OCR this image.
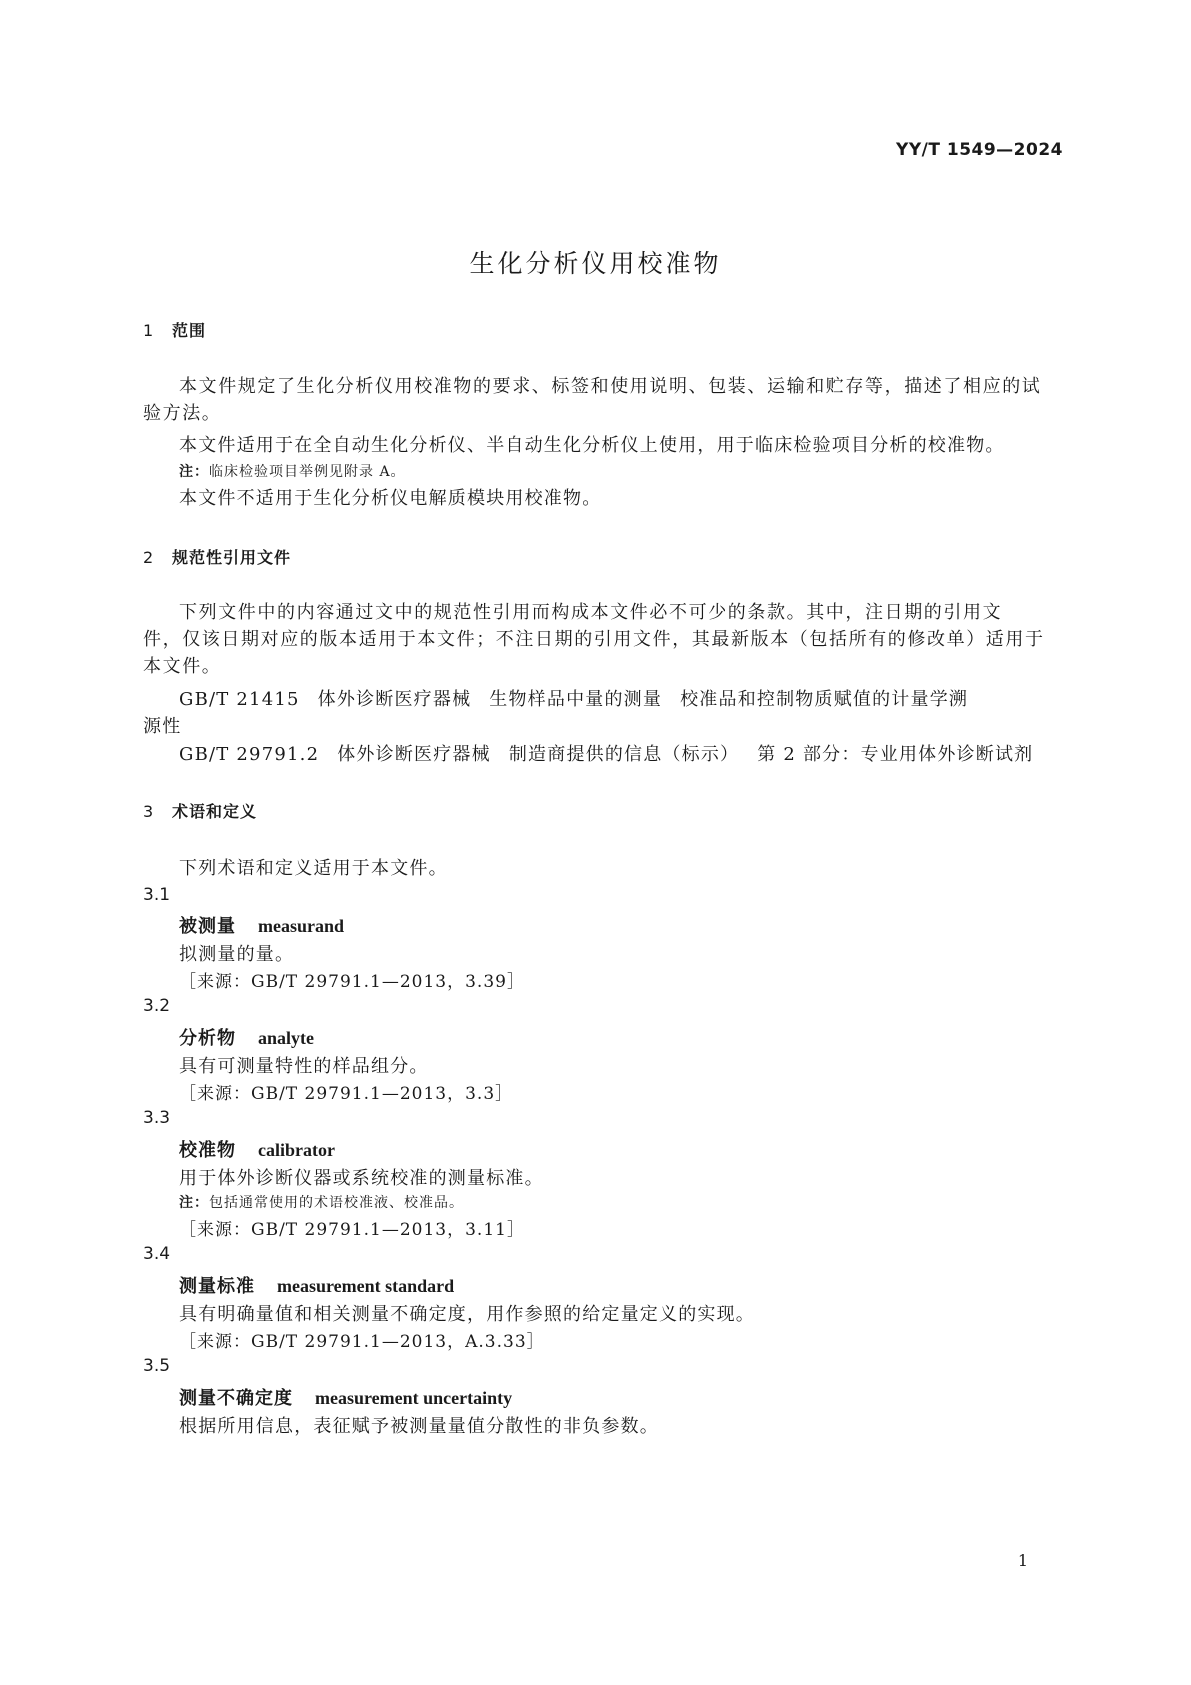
YY/T 1549—2024
生化分析仪用校准物
1 范围

本文件规定了生化分析仪用校准物的要求、标签和使用说明、包装、运输和贮存等，描述了相应的试
验方法。

本文件适用于在全自动生化分析仪、半自动生化分析仪上使用，用于临床检验项目分析的校准物。
注：临床检验项目举例见附录 A。
本文件不适用于生化分析仪电解质模块用校准物。
2 规范性引用文件

下列文件中的内容通过文中的规范性引用而构成本文件必不可少的条款。其中，注日期的引用文
件，仅该日期对应的版本适用于本文件；不注日期的引用文件，其最新版本（包括所有的修改单）适用于
本文件。

GB/T 21415 体外诊断医疗器械 生物样品中量的测量 校准品和控制物质赋值的计量学溯
源性
GB/T 29791.2 体外诊断医疗器械 制造商提供的信息（标示） 第 2 部分：专业用体外诊断试剂
3 术语和定义
下列术语和定义适用于本文件。
3.1
被测量 measurand
拟测量的量。
［来源：GB/T 29791.1—2013，3.39］
3.2
分析物 analyte
具有可测量特性的样品组分。
［来源：GB/T 29791.1—2013，3.3］
3.3
校准物 calibrator
用于体外诊断仪器或系统校准的测量标准。
注：包括通常使用的术语校准液、校准品。
［来源：GB/T 29791.1—2013，3.11］
3.4
测量标准 measurement standard
具有明确量值和相关测量不确定度，用作参照的给定量定义的实现。
［来源：GB/T 29791.1—2013，A.3.33］
3.5
测量不确定度 measurement uncertainty
根据所用信息，表征赋予被测量量值分散性的非负参数。
1
